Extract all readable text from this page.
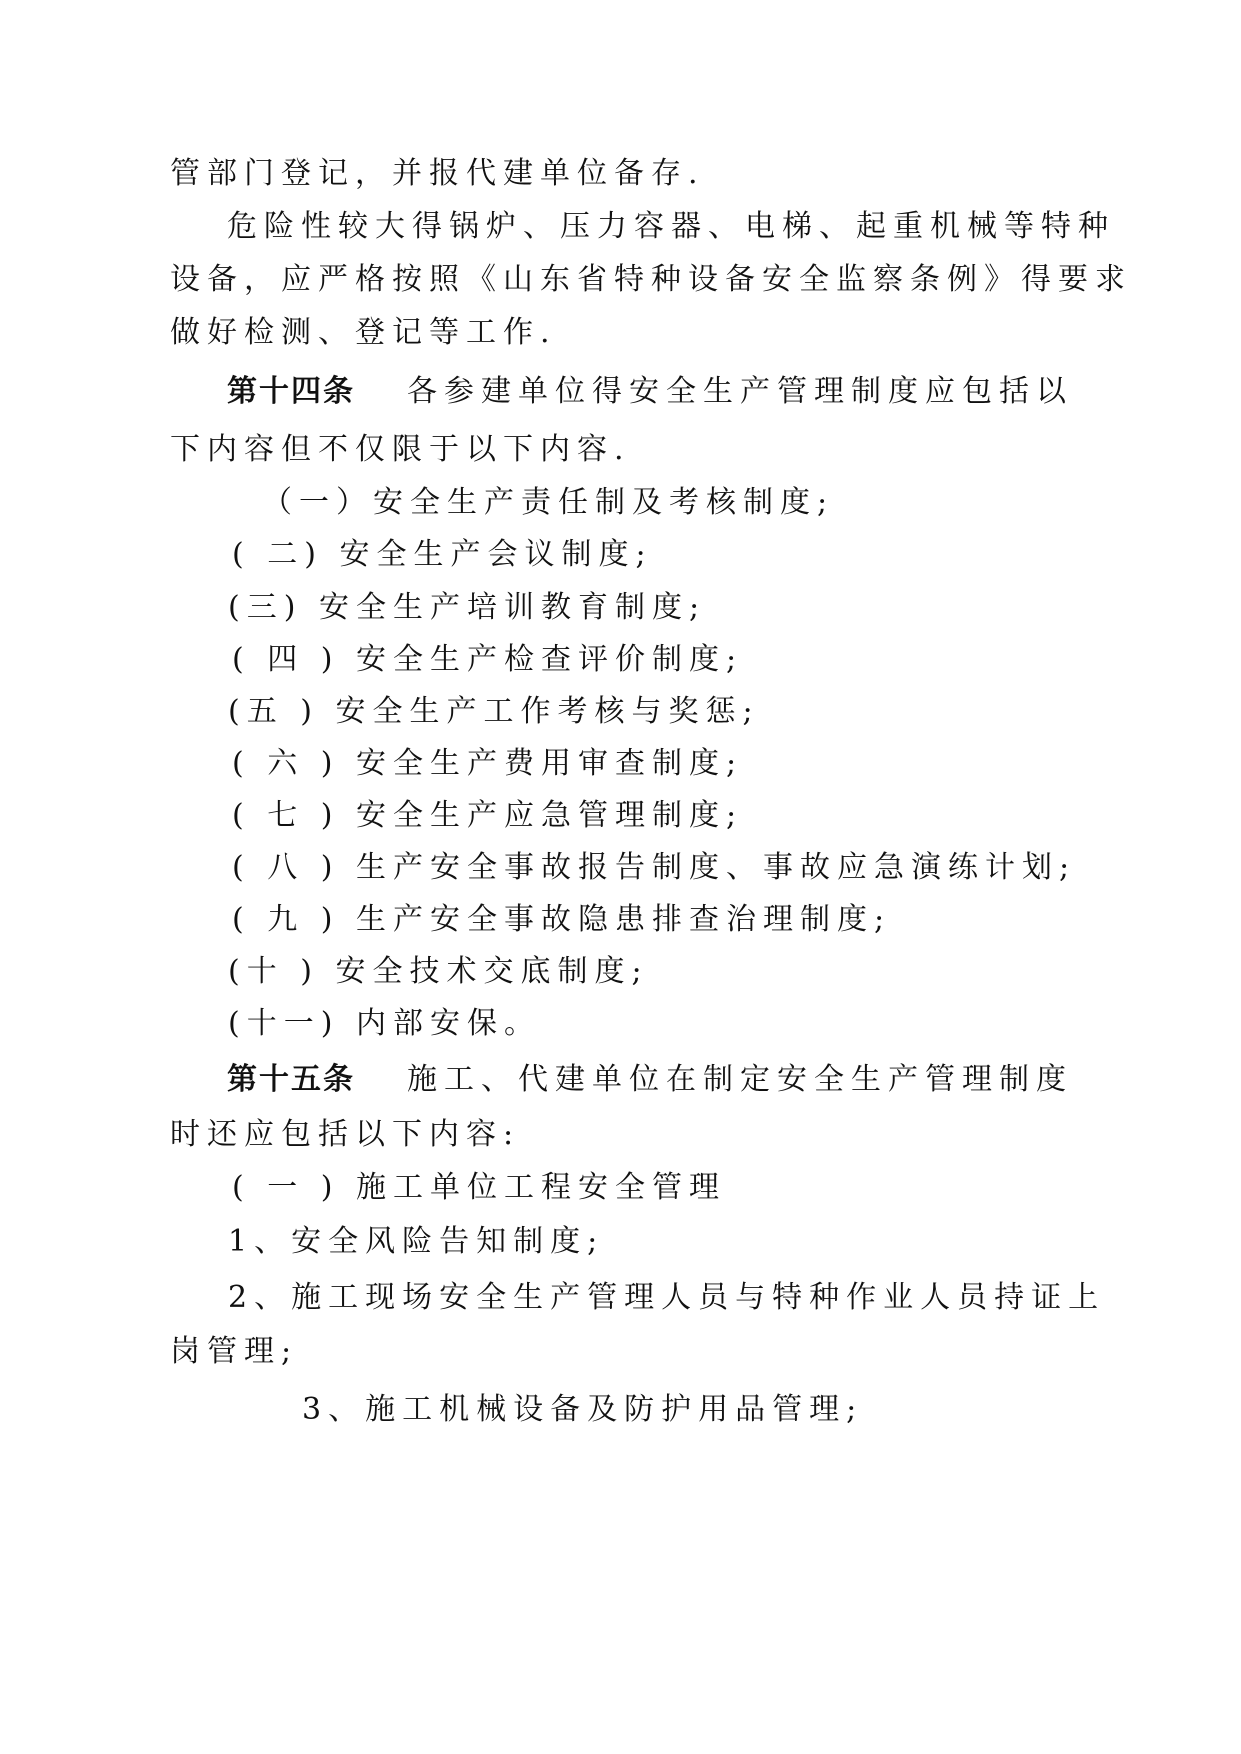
管部门登记，并报代建单位备存.
危险性较大得锅炉、压力容器、电梯、起重机械等特种
设备，应严格按照《山东省特种设备安全监察条例》得要求
做好检测、登记等工作.
第十四条 各参建单位得安全生产管理制度应包括以
下内容但不仅限于以下内容.
（一）安全生产责任制及考核制度;
( 二) 安全生产会议制度;
(三) 安全生产培训教育制度;
( 四 ) 安全生产检查评价制度;
(五 ) 安全生产工作考核与奖惩;
( 六 ) 安全生产费用审查制度;
( 七 ) 安全生产应急管理制度;
( 八 ) 生产安全事故报告制度、事故应急演练计划;
( 九 ) 生产安全事故隐患排查治理制度;
(十 ) 安全技术交底制度;
(十一) 内部安保。
第十五条 施工、代建单位在制定安全生产管理制度
时还应包括以下内容:
( 一 ) 施工单位工程安全管理
1、安全风险告知制度;
2、施工现场安全生产管理人员与特种作业人员持证上
岗管理;
3、施工机械设备及防护用品管理;
